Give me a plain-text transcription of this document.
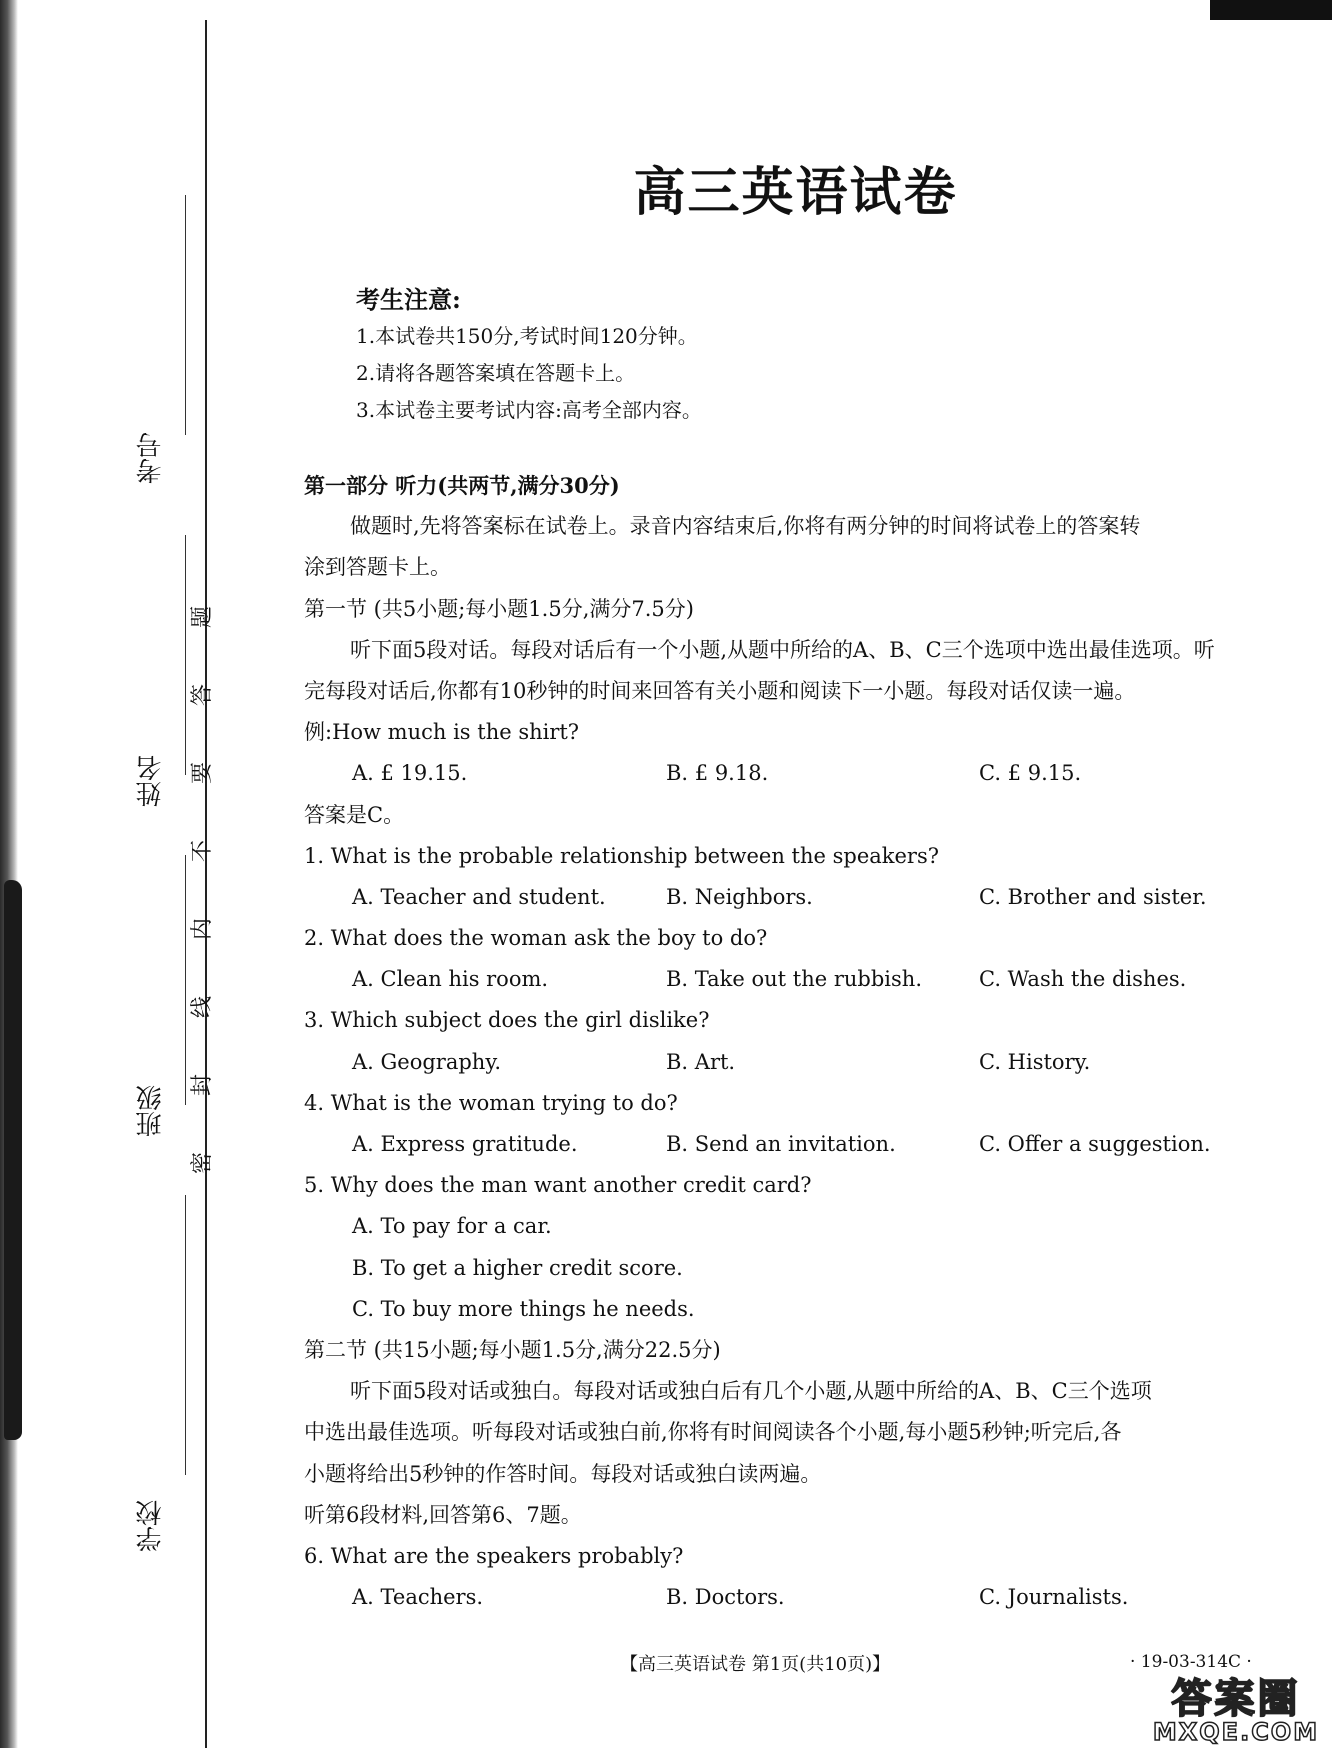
考号
姓名
班级
学校
题
答
要
不
内
线
封
密
高三英语试卷
考生注意:
1.本试卷共150分,考试时间120分钟。
2.请将各题答案填在答题卡上。
3.本试卷主要考试内容:高考全部内容。
第一部分 听力(共两节,满分30分)
做题时,先将答案标在试卷上。录音内容结束后,你将有两分钟的时间将试卷上的答案转
涂到答题卡上。
第一节 (共5小题;每小题1.5分,满分7.5分)
听下面5段对话。每段对话后有一个小题,从题中所给的A、B、C三个选项中选出最佳选项。听
完每段对话后,你都有10秒钟的时间来回答有关小题和阅读下一小题。每段对话仅读一遍。
例:How much is the shirt?
A. £ 19.15.	B. £ 9.18.	C. £ 9.15.
答案是C。
1. What is the probable relationship between the speakers?
A. Teacher and student.	B. Neighbors.	C. Brother and sister.
2. What does the woman ask the boy to do?
A. Clean his room.	B. Take out the rubbish.	C. Wash the dishes.
3. Which subject does the girl dislike?
A. Geography.	B. Art.	C. History.
4. What is the woman trying to do?
A. Express gratitude.	B. Send an invitation.	C. Offer a suggestion.
5. Why does the man want another credit card?
A. To pay for a car.
B. To get a higher credit score.
C. To buy more things he needs.
第二节 (共15小题;每小题1.5分,满分22.5分)
听下面5段对话或独白。每段对话或独白后有几个小题,从题中所给的A、B、C三个选项
中选出最佳选项。听每段对话或独白前,你将有时间阅读各个小题,每小题5秒钟;听完后,各
小题将给出5秒钟的作答时间。每段对话或独白读两遍。
听第6段材料,回答第6、7题。
6. What are the speakers probably?
A. Teachers.	B. Doctors.	C. Journalists.
【高三英语试卷 第1页(共10页)】	· 19-03-314C ·
答案圈
MXQE.COM
